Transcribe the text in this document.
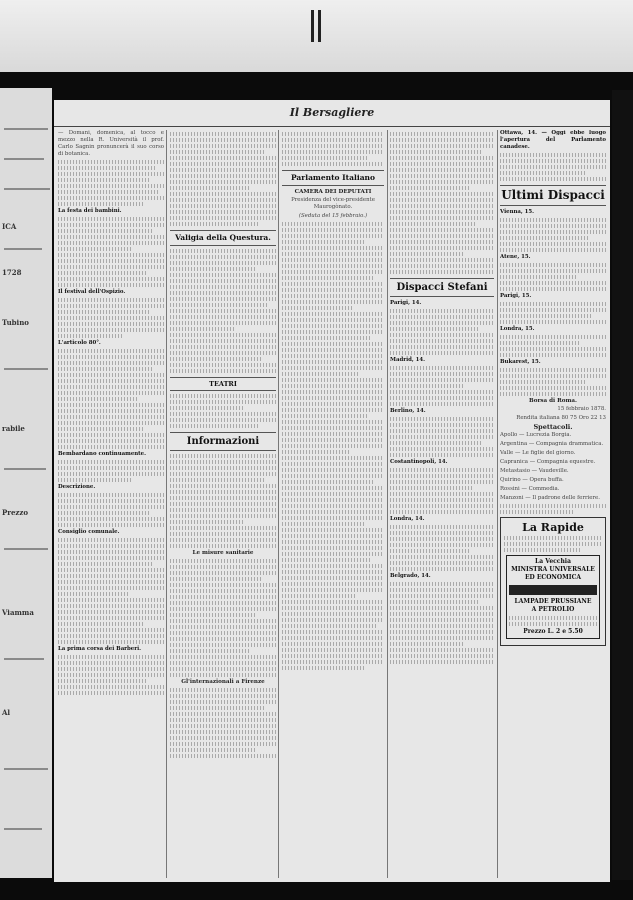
ICA
1728
Tubino
rabile
Prezzo
Viamma
Al
Il Bersagliere

— Domani, domenica, al tocco e mezzo nella R. Università il prof. Carlo Sagnin pronuncerà il suo corso di botanica.

La festa dei bambini.

Il festival dell'Ospizio.

L'articolo 80°.

Bembardano continuamente.

Descrizione.

Consiglio comunale.

La prima corsa dei Barberi.

Valigia della Questura.
TEATRI
Informazioni
Le misure sanitarie
Gl'internazionali a Firenze
Parlamento Italiano
CAMERA DEI DEPUTATI

Presidenza del vice-presidente Maurogònato.

(Seduta del 15 febbraio.)

Dispacci Stefani

Parigi, 14.

Madrid, 14.

Berlino, 14.

Costantinopoli, 14.

Londra, 14.

Belgrado, 14.

Ottawa, 14. — Oggi ebbe luogo l'apertura del Parlamento canadese.

Ultimi Dispacci

Vienna, 15.

Atene, 15.

Parigi, 15.

Londra, 15.

Bukarest, 15.

Borsa di Roma.

15 febbraio 1878.

Rendita italiana 80 75 Oro 22 13

Spettacoli.

Apollo — Lucrezia Borgia.

Argentina — Compagnia drammatica.

Valle — Le figlie del giorno.

Capranica — Compagnia equestre.

Metastasio — Vaudeville.

Quirino — Opera buffa.

Rossini — Commedia.

Manzoni — Il padrone delle ferriere.

La Rapide
La Vecchia
MINISTRA UNIVERSALE
ED ECONOMICA
LAMPADE PRUSSIANE
A PETROLIO
Prezzo L. 2 e 5.50
